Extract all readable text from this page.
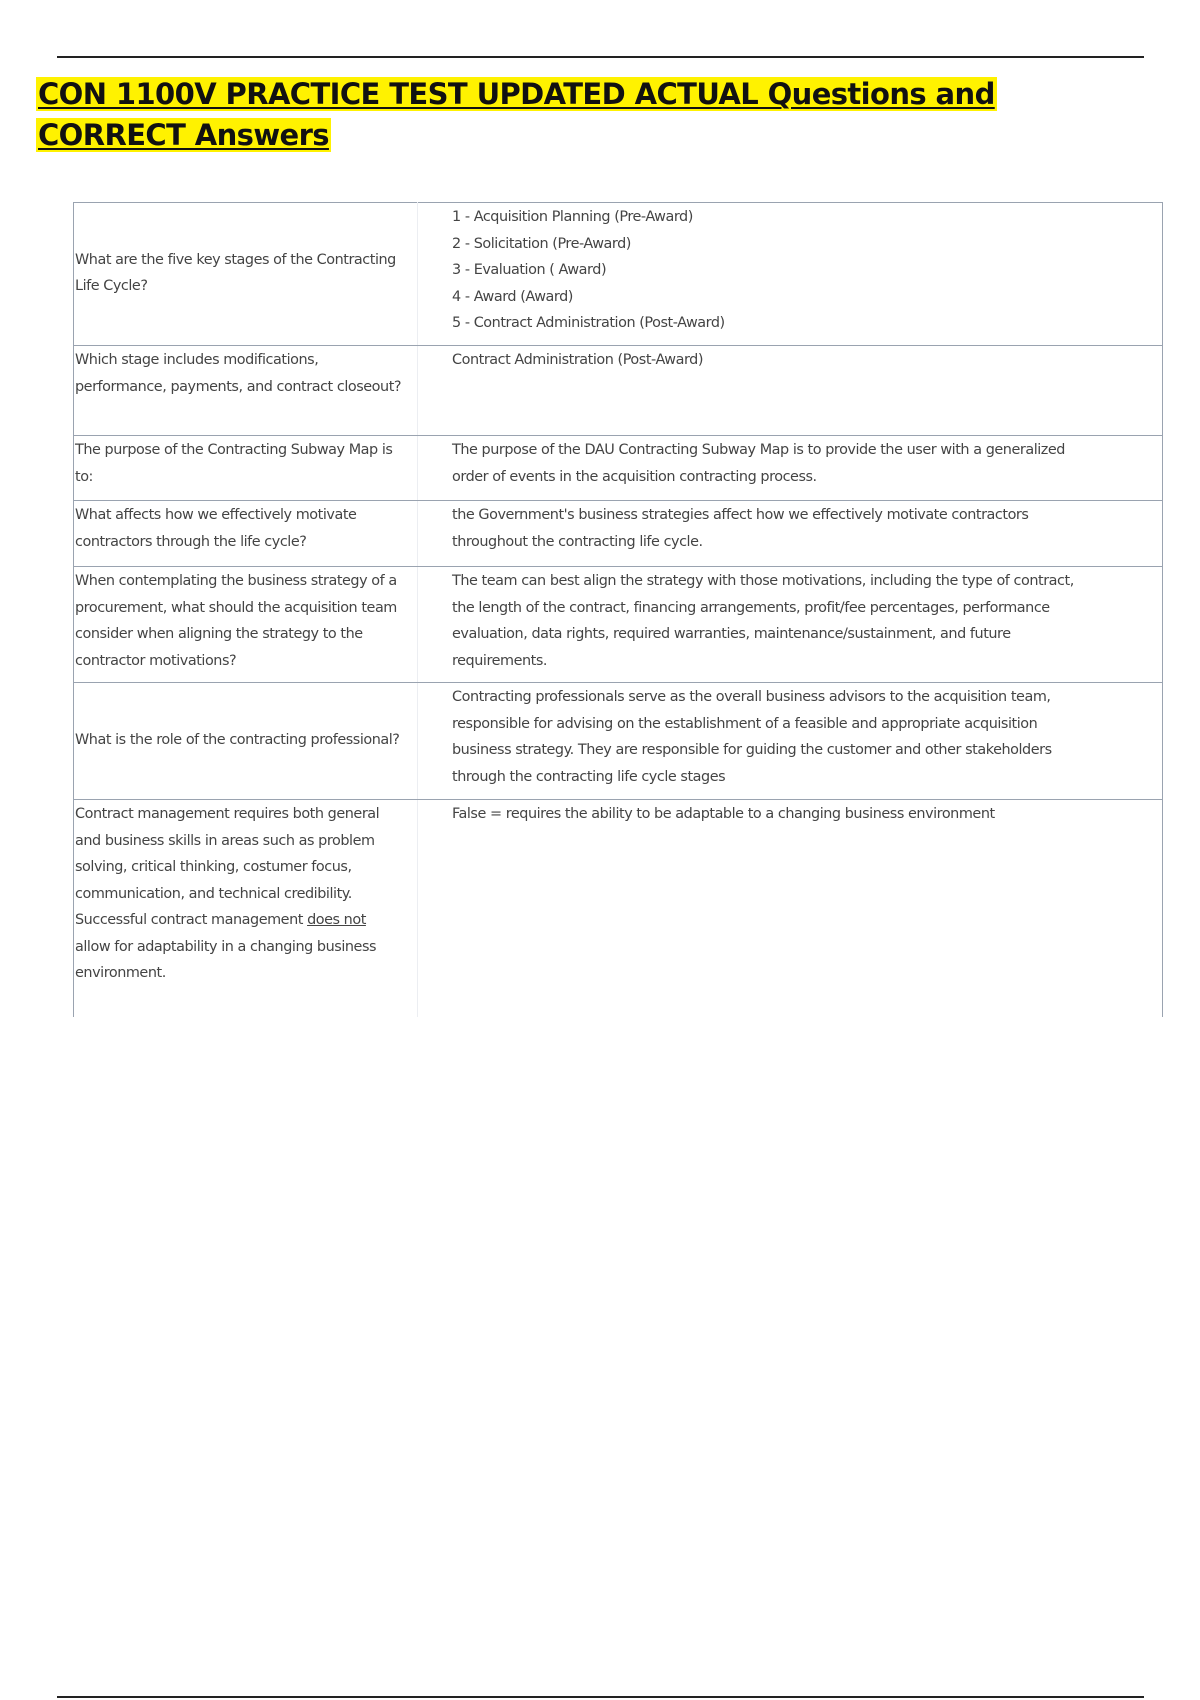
CON 1100V PRACTICE TEST UPDATED ACTUAL Questions and CORRECT Answers
What are the five key stages of the Contracting Life Cycle?	1 - Acquisition Planning (Pre-Award)
2 - Solicitation (Pre-Award)
3 - Evaluation ( Award)
4 - Award (Award)
5 - Contract Administration (Post-Award)

Which stage includes modifications, performance, payments, and contract closeout?	Contract Administration (Post-Award)
The purpose of the Contracting Subway Map is to:	The purpose of the DAU Contracting Subway Map is to provide the user with a generalized order of events in the acquisition contracting process.
What affects how we effectively motivate contractors through the life cycle?	the Government's business strategies affect how we effectively motivate contractors throughout the contracting life cycle.
When contemplating the business strategy of a procurement, what should the acquisition team consider when aligning the strategy to the contractor motivations?	The team can best align the strategy with those motivations, including the type of contract, the length of the contract, financing arrangements, profit/fee percentages, performance evaluation, data rights, required warranties, maintenance/sustainment, and future requirements.
What is the role of the contracting professional?	Contracting professionals serve as the overall business advisors to the acquisition team, responsible for advising on the establishment of a feasible and appropriate acquisition business strategy. They are responsible for guiding the customer and other stakeholders through the contracting life cycle stages
Contract management requires both general and business skills in areas such as problem solving, critical thinking, costumer focus, communication, and technical credibility. Successful contract management does not allow for adaptability in a changing business environment.	False = requires the ability to be adaptable to a changing business environment
